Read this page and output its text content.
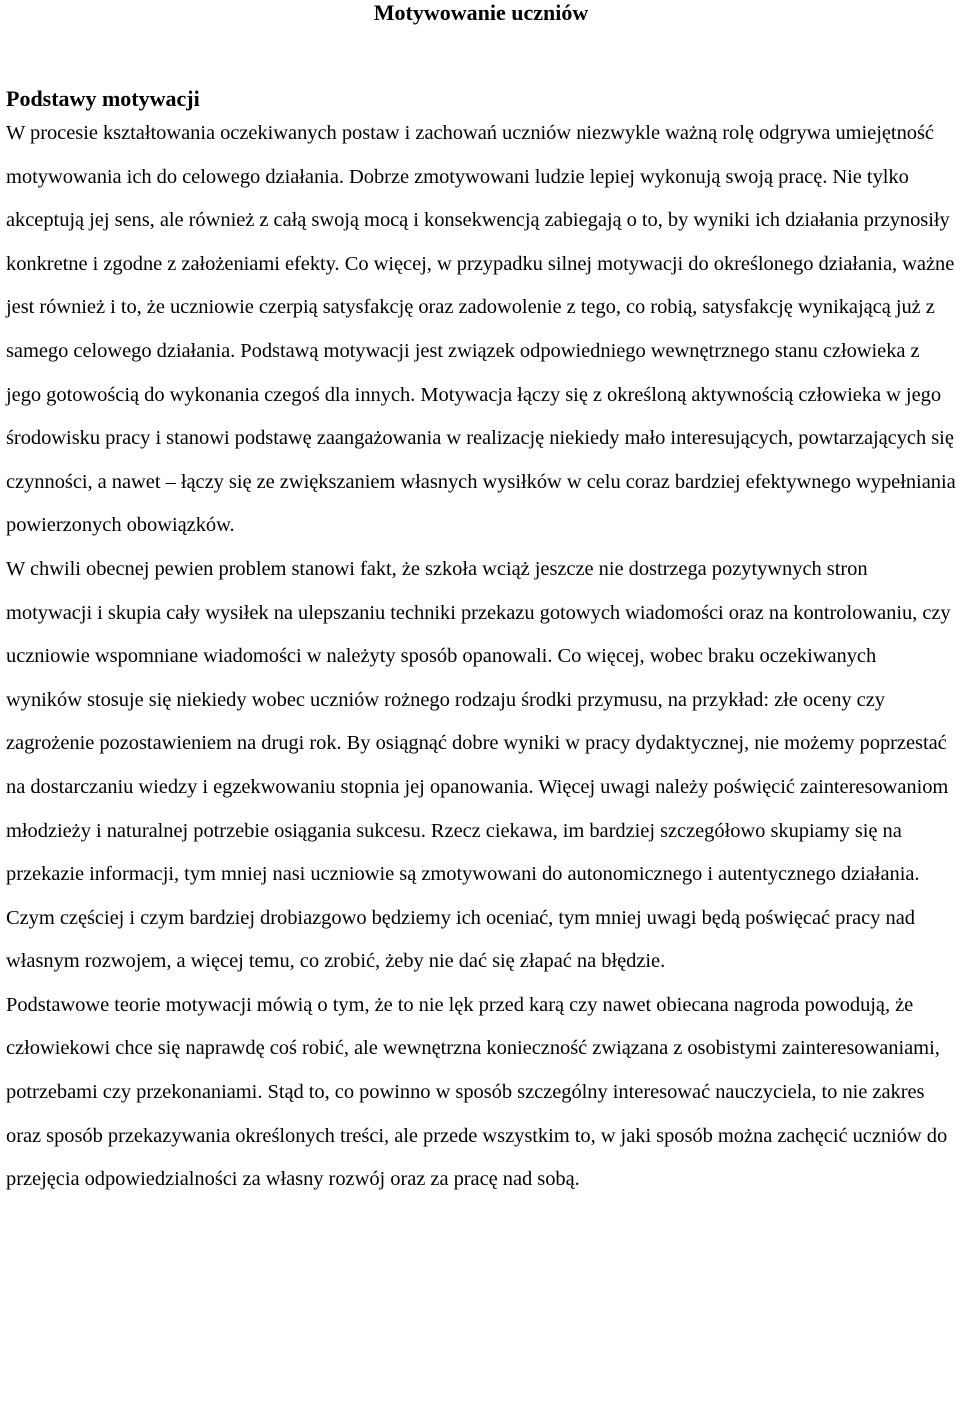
Motywowanie uczniów
Podstawy motywacji

W procesie kształtowania oczekiwanych postaw i zachowań uczniów niezwykle ważną rolę odgrywa umiejętność motywowania ich do celowego działania. Dobrze zmotywowani ludzie lepiej wykonują swoją pracę. Nie tylko akceptują jej sens, ale również z całą swoją mocą i konsekwencją zabiegają o to, by wyniki ich działania przynosiły konkretne i zgodne z założeniami efekty. Co więcej, w przypadku silnej motywacji do określonego działania, ważne jest również i to, że uczniowie czerpią satysfakcję oraz zadowolenie z tego, co robią, satysfakcję wynikającą już z samego celowego działania. Podstawą motywacji jest związek odpowiedniego wewnętrznego stanu człowieka z jego gotowością do wykonania czegoś dla innych. Motywacja łączy się z określoną aktywnością człowieka w jego środowisku pracy i stanowi podstawę zaangażowania w realizację niekiedy mało interesujących, powtarzających się czynności, a nawet – łączy się ze zwiększaniem własnych wysiłków w celu coraz bardziej efektywnego wypełniania powierzonych obowiązków.

W chwili obecnej pewien problem stanowi fakt, że szkoła wciąż jeszcze nie dostrzega pozytywnych stron motywacji i skupia cały wysiłek na ulepszaniu techniki przekazu gotowych wiadomości oraz na kontrolowaniu, czy uczniowie wspomniane wiadomości w należyty sposób opanowali. Co więcej, wobec braku oczekiwanych wyników stosuje się niekiedy wobec uczniów rożnego rodzaju środki przymusu, na przykład: złe oceny czy zagrożenie pozostawieniem na drugi rok. By osiągnąć dobre wyniki w pracy dydaktycznej, nie możemy poprzestać na dostarczaniu wiedzy i egzekwowaniu stopnia jej opanowania. Więcej uwagi należy poświęcić zainteresowaniom młodzieży i naturalnej potrzebie osiągania sukcesu. Rzecz ciekawa, im bardziej szczegółowo skupiamy się na przekazie informacji, tym mniej nasi uczniowie są zmotywowani do autonomicznego i autentycznego działania. Czym częściej i czym bardziej drobiazgowo będziemy ich oceniać, tym mniej uwagi będą poświęcać pracy nad własnym rozwojem, a więcej temu, co zrobić, żeby nie dać się złapać na błędzie.

Podstawowe teorie motywacji mówią o tym, że to nie lęk przed karą czy nawet obiecana nagroda powodują, że człowiekowi chce się naprawdę coś robić, ale wewnętrzna konieczność związana z osobistymi zainteresowaniami, potrzebami czy przekonaniami. Stąd to, co powinno w sposób szczególny interesować nauczyciela, to nie zakres oraz sposób przekazywania określonych treści, ale przede wszystkim to, w jaki sposób można zachęcić uczniów do przejęcia odpowiedzialności za własny rozwój oraz za pracę nad sobą.
